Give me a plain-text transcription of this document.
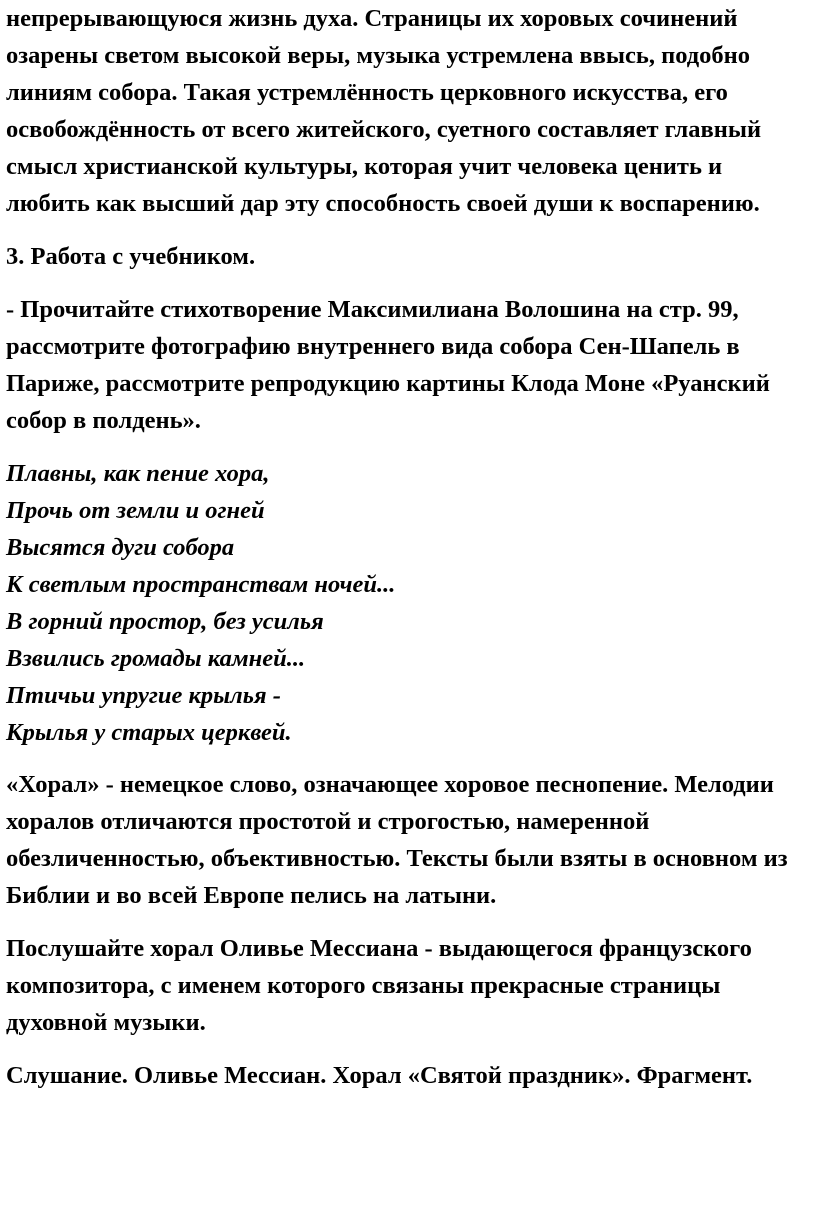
непрерывающуюся жизнь духа. Страницы их хоровых сочинений озарены светом высокой веры, музыка устремлена ввысь, подобно линиям собора. Такая устремлённость церковного искусства, его освобождённость от всего житейского, суетного составляет главный смысл христианской культуры, которая учит человека ценить и любить как высший дар эту способность своей души к воспарению.

3. Работа с учебником.

- Прочитайте стихотворение Максимилиана Волошина на стр. 99, рассмотрите фотографию внутреннего вида собора Сен-Шапель в Париже, рассмотрите репродукцию картины Клода Моне «Руанский собор в полдень».

Плавны, как пение хора,
Прочь от земли и огней
Высятся дуги собора
К светлым пространствам ночей...
В горний простор, без усилья
Взвились громады камней...
Птичьи упругие крылья -
Крылья у старых церквей.

«Хорал» - немецкое слово, означающее хоровое песнопение. Мелодии хоралов отличаются простотой и строгостью, намеренной обезличенностью, объективностью. Тексты были взяты в основном из Библии и во всей Европе пелись на латыни.

Послушайте хорал Оливье Мессиана - выдающегося французского композитора, с именем которого связаны прекрасные страницы духовной музыки.

Слушание. Оливье Мессиан. Хорал «Святой праздник». Фрагмент.
